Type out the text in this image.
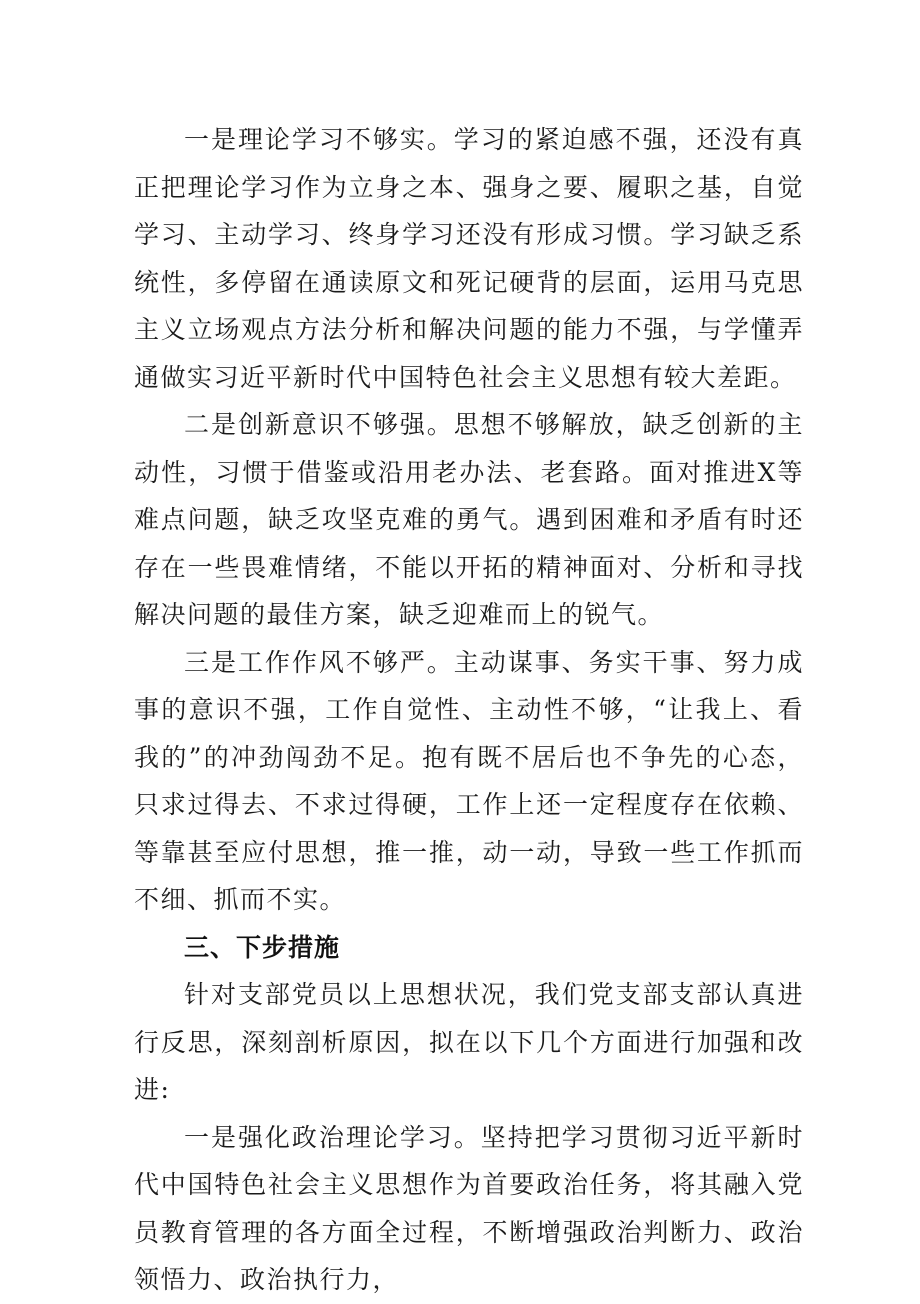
一是理论学习不够实。学习的紧迫感不强，还没有真正把理论学习作为立身之本、强身之要、履职之基，自觉学习、主动学习、终身学习还没有形成习惯。学习缺乏系统性，多停留在通读原文和死记硬背的层面，运用马克思主义立场观点方法分析和解决问题的能力不强，与学懂弄通做实习近平新时代中国特色社会主义思想有较大差距。

二是创新意识不够强。思想不够解放，缺乏创新的主动性，习惯于借鉴或沿用老办法、老套路。面对推进X等难点问题，缺乏攻坚克难的勇气。遇到困难和矛盾有时还存在一些畏难情绪，不能以开拓的精神面对、分析和寻找解决问题的最佳方案，缺乏迎难而上的锐气。

三是工作作风不够严。主动谋事、务实干事、努力成事的意识不强，工作自觉性、主动性不够，“让我上、看我的”的冲劲闯劲不足。抱有既不居后也不争先的心态，只求过得去、不求过得硬，工作上还一定程度存在依赖、等靠甚至应付思想，推一推，动一动，导致一些工作抓而不细、抓而不实。

三、下步措施

针对支部党员以上思想状况，我们党支部支部认真进行反思，深刻剖析原因，拟在以下几个方面进行加强和改进:

一是强化政治理论学习。坚持把学习贯彻习近平新时代中国特色社会主义思想作为首要政治任务，将其融入党员教育管理的各方面全过程，不断增强政治判断力、政治领悟力、政治执行力，
